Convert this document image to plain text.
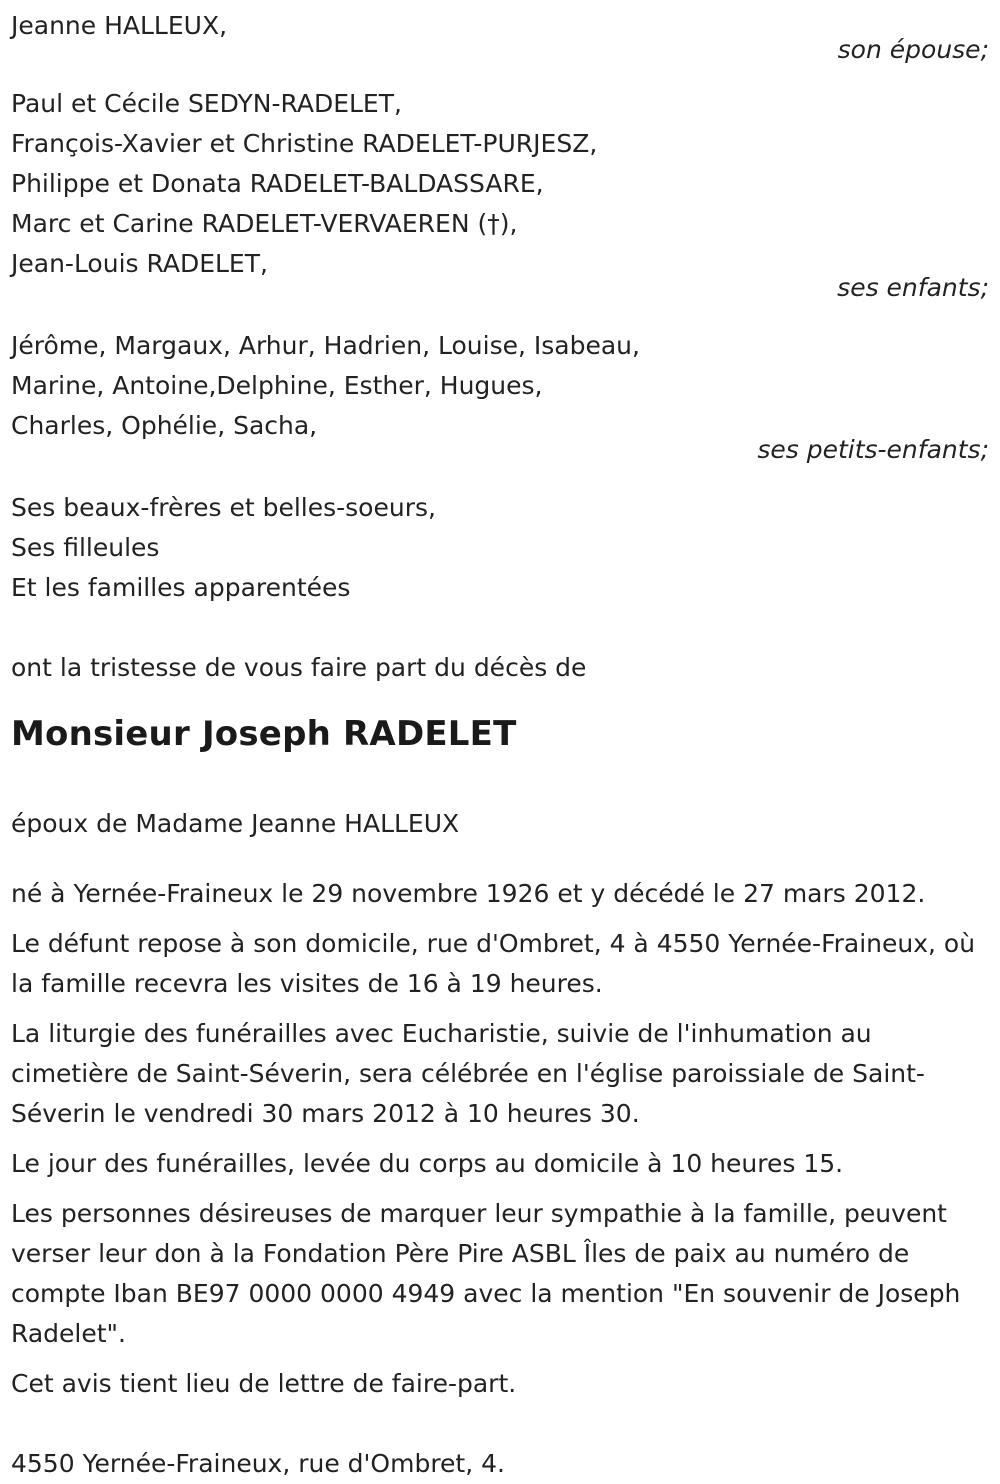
Jeanne HALLEUX,
son épouse;
Paul et Cécile SEDYN-RADELET,
François-Xavier et Christine RADELET-PURJESZ,
Philippe et Donata RADELET-BALDASSARE,
Marc et Carine RADELET-VERVAEREN (†),
Jean-Louis RADELET,
ses enfants;
Jérôme, Margaux, Arhur, Hadrien, Louise, Isabeau,
Marine, Antoine,Delphine, Esther, Hugues,
Charles, Ophélie, Sacha,
ses petits-enfants;
Ses beaux-frères et belles-soeurs,
Ses filleules
Et les familles apparentées
ont la tristesse de vous faire part du décès de
Monsieur Joseph RADELET
époux de Madame Jeanne HALLEUX
né à Yernée-Fraineux le 29 novembre 1926 et y décédé le 27 mars 2012.
Le défunt repose à son domicile, rue d'Ombret, 4 à 4550 Yernée-Fraineux, où la famille recevra les visites de 16 à 19 heures.
La liturgie des funérailles avec Eucharistie, suivie de l'inhumation au cimetière de Saint-Séverin, sera célébrée en l'église paroissiale de Saint-Séverin le vendredi 30 mars 2012 à 10 heures 30.
Le jour des funérailles, levée du corps au domicile à 10 heures 15.
Les personnes désireuses de marquer leur sympathie à la famille, peuvent verser leur don à la Fondation Père Pire ASBL Îles de paix au numéro de compte Iban BE97 0000 0000 4949 avec la mention "En souvenir de Joseph Radelet".
Cet avis tient lieu de lettre de faire-part.
4550 Yernée-Fraineux, rue d'Ombret, 4.
